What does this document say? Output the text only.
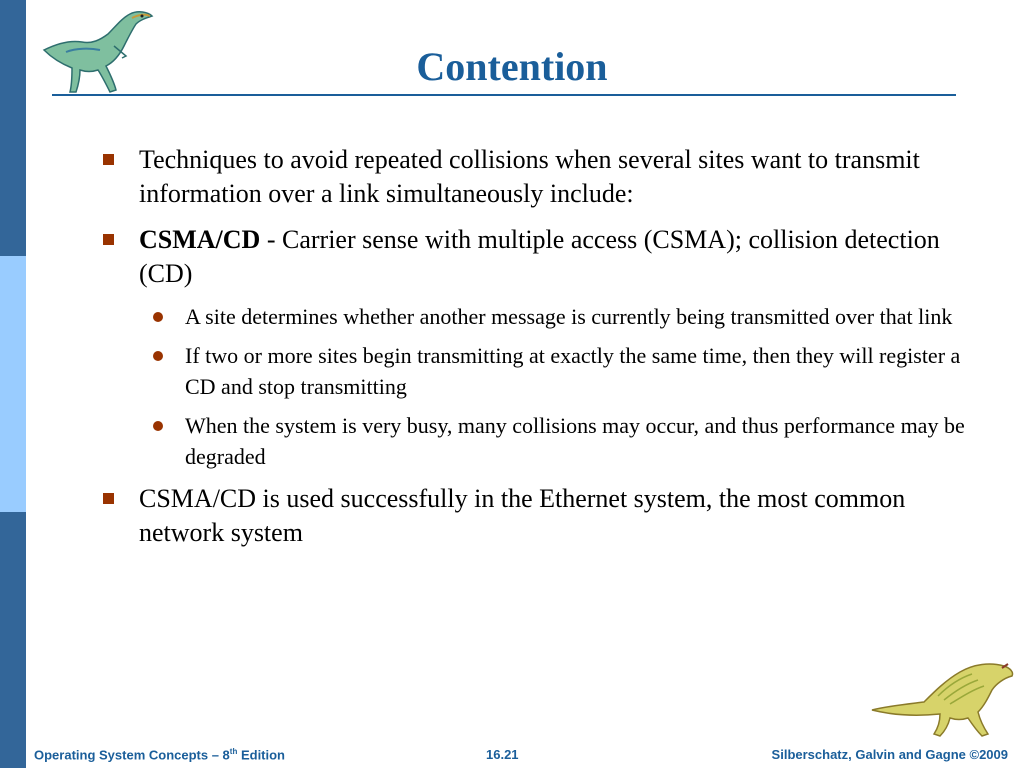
Contention
Techniques to avoid repeated collisions when several sites want to transmit information over a link simultaneously include:
CSMA/CD - Carrier sense with multiple access (CSMA); collision detection (CD)
A site determines whether another message is currently being transmitted over that link
If two or more sites begin transmitting at exactly the same time, then they will register a CD and stop transmitting
When the system is very busy, many collisions may occur, and thus performance may be degraded
CSMA/CD is used successfully in the Ethernet system, the most common network system
Operating System Concepts – 8th Edition	16.21	Silberschatz, Galvin and Gagne ©2009
